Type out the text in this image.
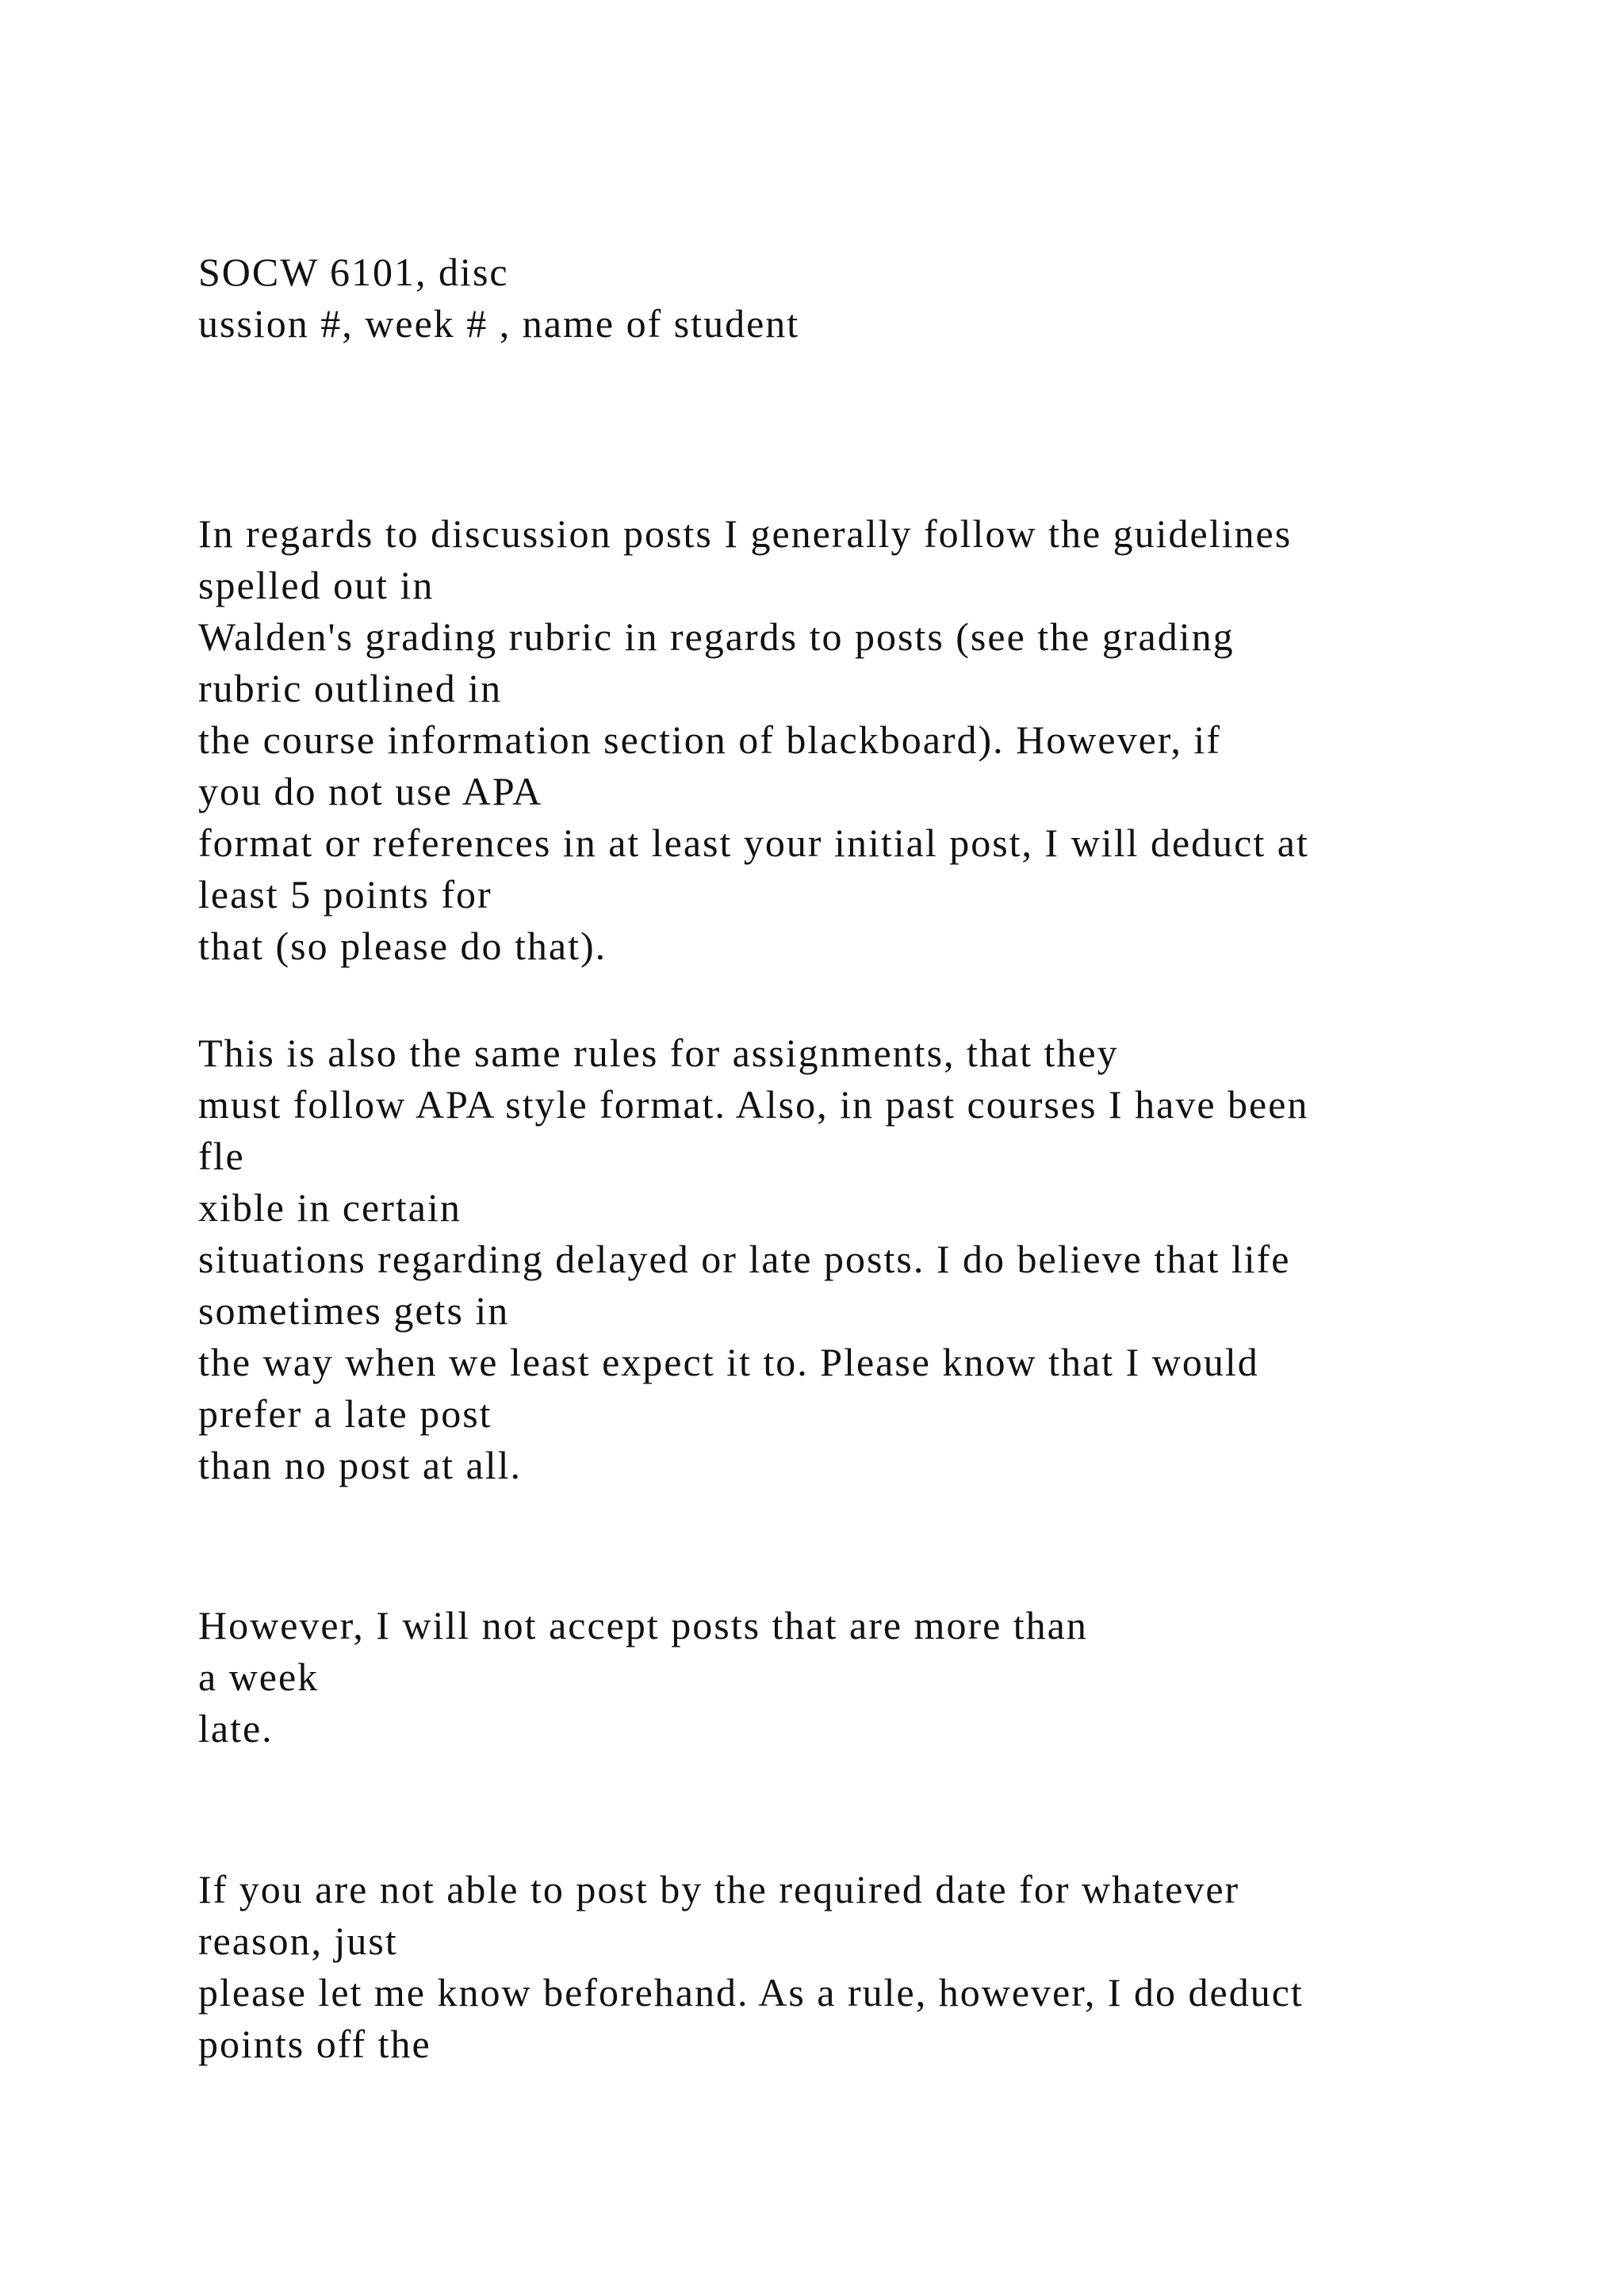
SOCW 6101, disc
ussion #, week # , name of student
In regards to discussion posts I generally follow the guidelines
spelled out in
Walden's grading rubric in regards to posts (see the grading
rubric outlined in
the course information section of blackboard). However, if
you do not use APA
format or references in at least your initial post, I will deduct at
least 5 points for
that (so please do that).
This is also the same rules for assignments, that they
must follow APA style format. Also, in past courses I have been
fle
xible in certain
situations regarding delayed or late posts. I do believe that life
sometimes gets in
the way when we least expect it to. Please know that I would
prefer a late post
than no post at all.
However, I will not accept posts that are more than
a week
late.
If you are not able to post by the required date for whatever
reason, just
please let me know beforehand. As a rule, however, I do deduct
points off the
